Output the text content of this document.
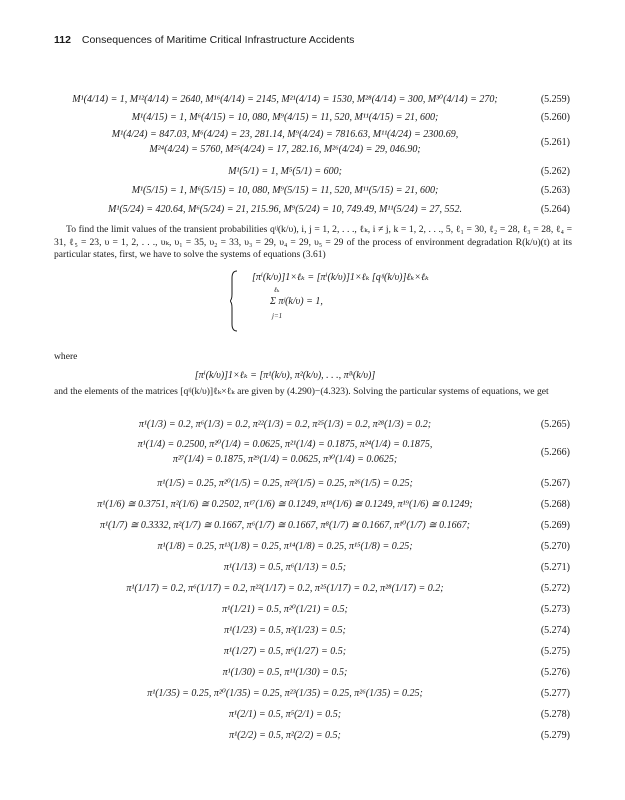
112 Consequences of Maritime Critical Infrastructure Accidents
M¹(4/14) = 1, M¹²(4/14) = 2640, M¹⁶(4/14) = 2145, M²¹(4/14) = 1530, M²⁸(4/14) = 300, M³⁰(4/14) = 270;	(5.259)
M¹(4/15) = 1, M⁶(4/15) = 10, 080, M⁹(4/15) = 11, 520, M¹¹(4/15) = 21, 600;	(5.260)
M¹(4/24) = 847.03, M⁶(4/24) = 23, 281.14, M⁹(4/24) = 7816.63, M¹¹(4/24) = 2300.69,
M²⁴(4/24) = 5760, M²⁵(4/24) = 17, 282.16, M²⁶(4/24) = 29, 046.90;
(5.261)
M¹(5/1) = 1, M⁵(5/1) = 600;	(5.262)
M¹(5/15) = 1, M⁶(5/15) = 10, 080, M⁹(5/15) = 11, 520, M¹¹(5/15) = 21, 600;	(5.263)
M¹(5/24) = 420.64, M⁶(5/24) = 21, 215.96, M⁹(5/24) = 10, 749.49, M¹¹(5/24) = 27, 552.	(5.264)
To find the limit values of the transient probabilities qᶦʲ(k/υ), i, j = 1, 2, . . ., ℓₖ, i ≠ j, k = 1, 2, . . ., 5, ℓ₁ = 30, ℓ₂ = 28, ℓ₃ = 28, ℓ₄ = 31, ℓ₅ = 23, υ = 1, 2, . . ., υₖ, υ₁ = 35, υ₂ = 33, υ₃ = 29, υ₄ = 29, υ₅ = 29 of the process of environment degradation R(k/υ)(t) at its particular states, first, we have to solve the systems of equations (3.61)
[πⁱ(k/υ)]1×ℓₖ = [πⁱ(k/υ)]1×ℓₖ [qᶦʲ(k/υ)]ℓₖ×ℓₖ
ℓₖ
Σ πʲ(k/υ) = 1,
j=1
where
[πⁱ(k/υ)]1×ℓₖ = [π¹(k/υ), π²(k/υ), . . ., πˡᵏ(k/υ)]
and the elements of the matrices [qᶦʲ(k/υ)]ℓₖ×ℓₖ are given by (4.290)−(4.323). Solving the particular systems of equations, we get
π¹(1/3) = 0.2, π⁶(1/3) = 0.2, π²²(1/3) = 0.2, π²⁵(1/3) = 0.2, π²⁸(1/3) = 0.2;	(5.265)
π¹(1/4) = 0.2500, π²⁰(1/4) = 0.0625, π²¹(1/4) = 0.1875, π²⁴(1/4) = 0.1875,
π²⁷(1/4) = 0.1875, π²⁹(1/4) = 0.0625, π³⁰(1/4) = 0.0625;
(5.266)
π¹(1/5) = 0.25, π²⁰(1/5) = 0.25, π²³(1/5) = 0.25, π²⁶(1/5) = 0.25;	(5.267)
π¹(1/6) ≅ 0.3751, π²(1/6) ≅ 0.2502, π¹⁷(1/6) ≅ 0.1249, π¹⁸(1/6) ≅ 0.1249, π¹⁹(1/6) ≅ 0.1249;	(5.268)
π¹(1/7) ≅ 0.3332, π²(1/7) ≅ 0.1667, π⁶(1/7) ≅ 0.1667, π⁸(1/7) ≅ 0.1667, π¹⁰(1/7) ≅ 0.1667;	(5.269)
π¹(1/8) = 0.25, π¹³(1/8) = 0.25, π¹⁴(1/8) = 0.25, π¹⁵(1/8) = 0.25;	(5.270)
π¹(1/13) = 0.5, π⁶(1/13) = 0.5;	(5.271)
π¹(1/17) = 0.2, π⁶(1/17) = 0.2, π²²(1/17) = 0.2, π²⁵(1/17) = 0.2, π²⁸(1/17) = 0.2;	(5.272)
π¹(1/21) = 0.5, π²⁰(1/21) = 0.5;	(5.273)
π¹(1/23) = 0.5, π²(1/23) = 0.5;	(5.274)
π¹(1/27) = 0.5, π⁶(1/27) = 0.5;	(5.275)
π¹(1/30) = 0.5, π¹¹(1/30) = 0.5;	(5.276)
π¹(1/35) = 0.25, π²⁰(1/35) = 0.25, π²³(1/35) = 0.25, π²⁶(1/35) = 0.25;	(5.277)
π¹(2/1) = 0.5, π⁵(2/1) = 0.5;	(5.278)
π¹(2/2) = 0.5, π²(2/2) = 0.5;	(5.279)
